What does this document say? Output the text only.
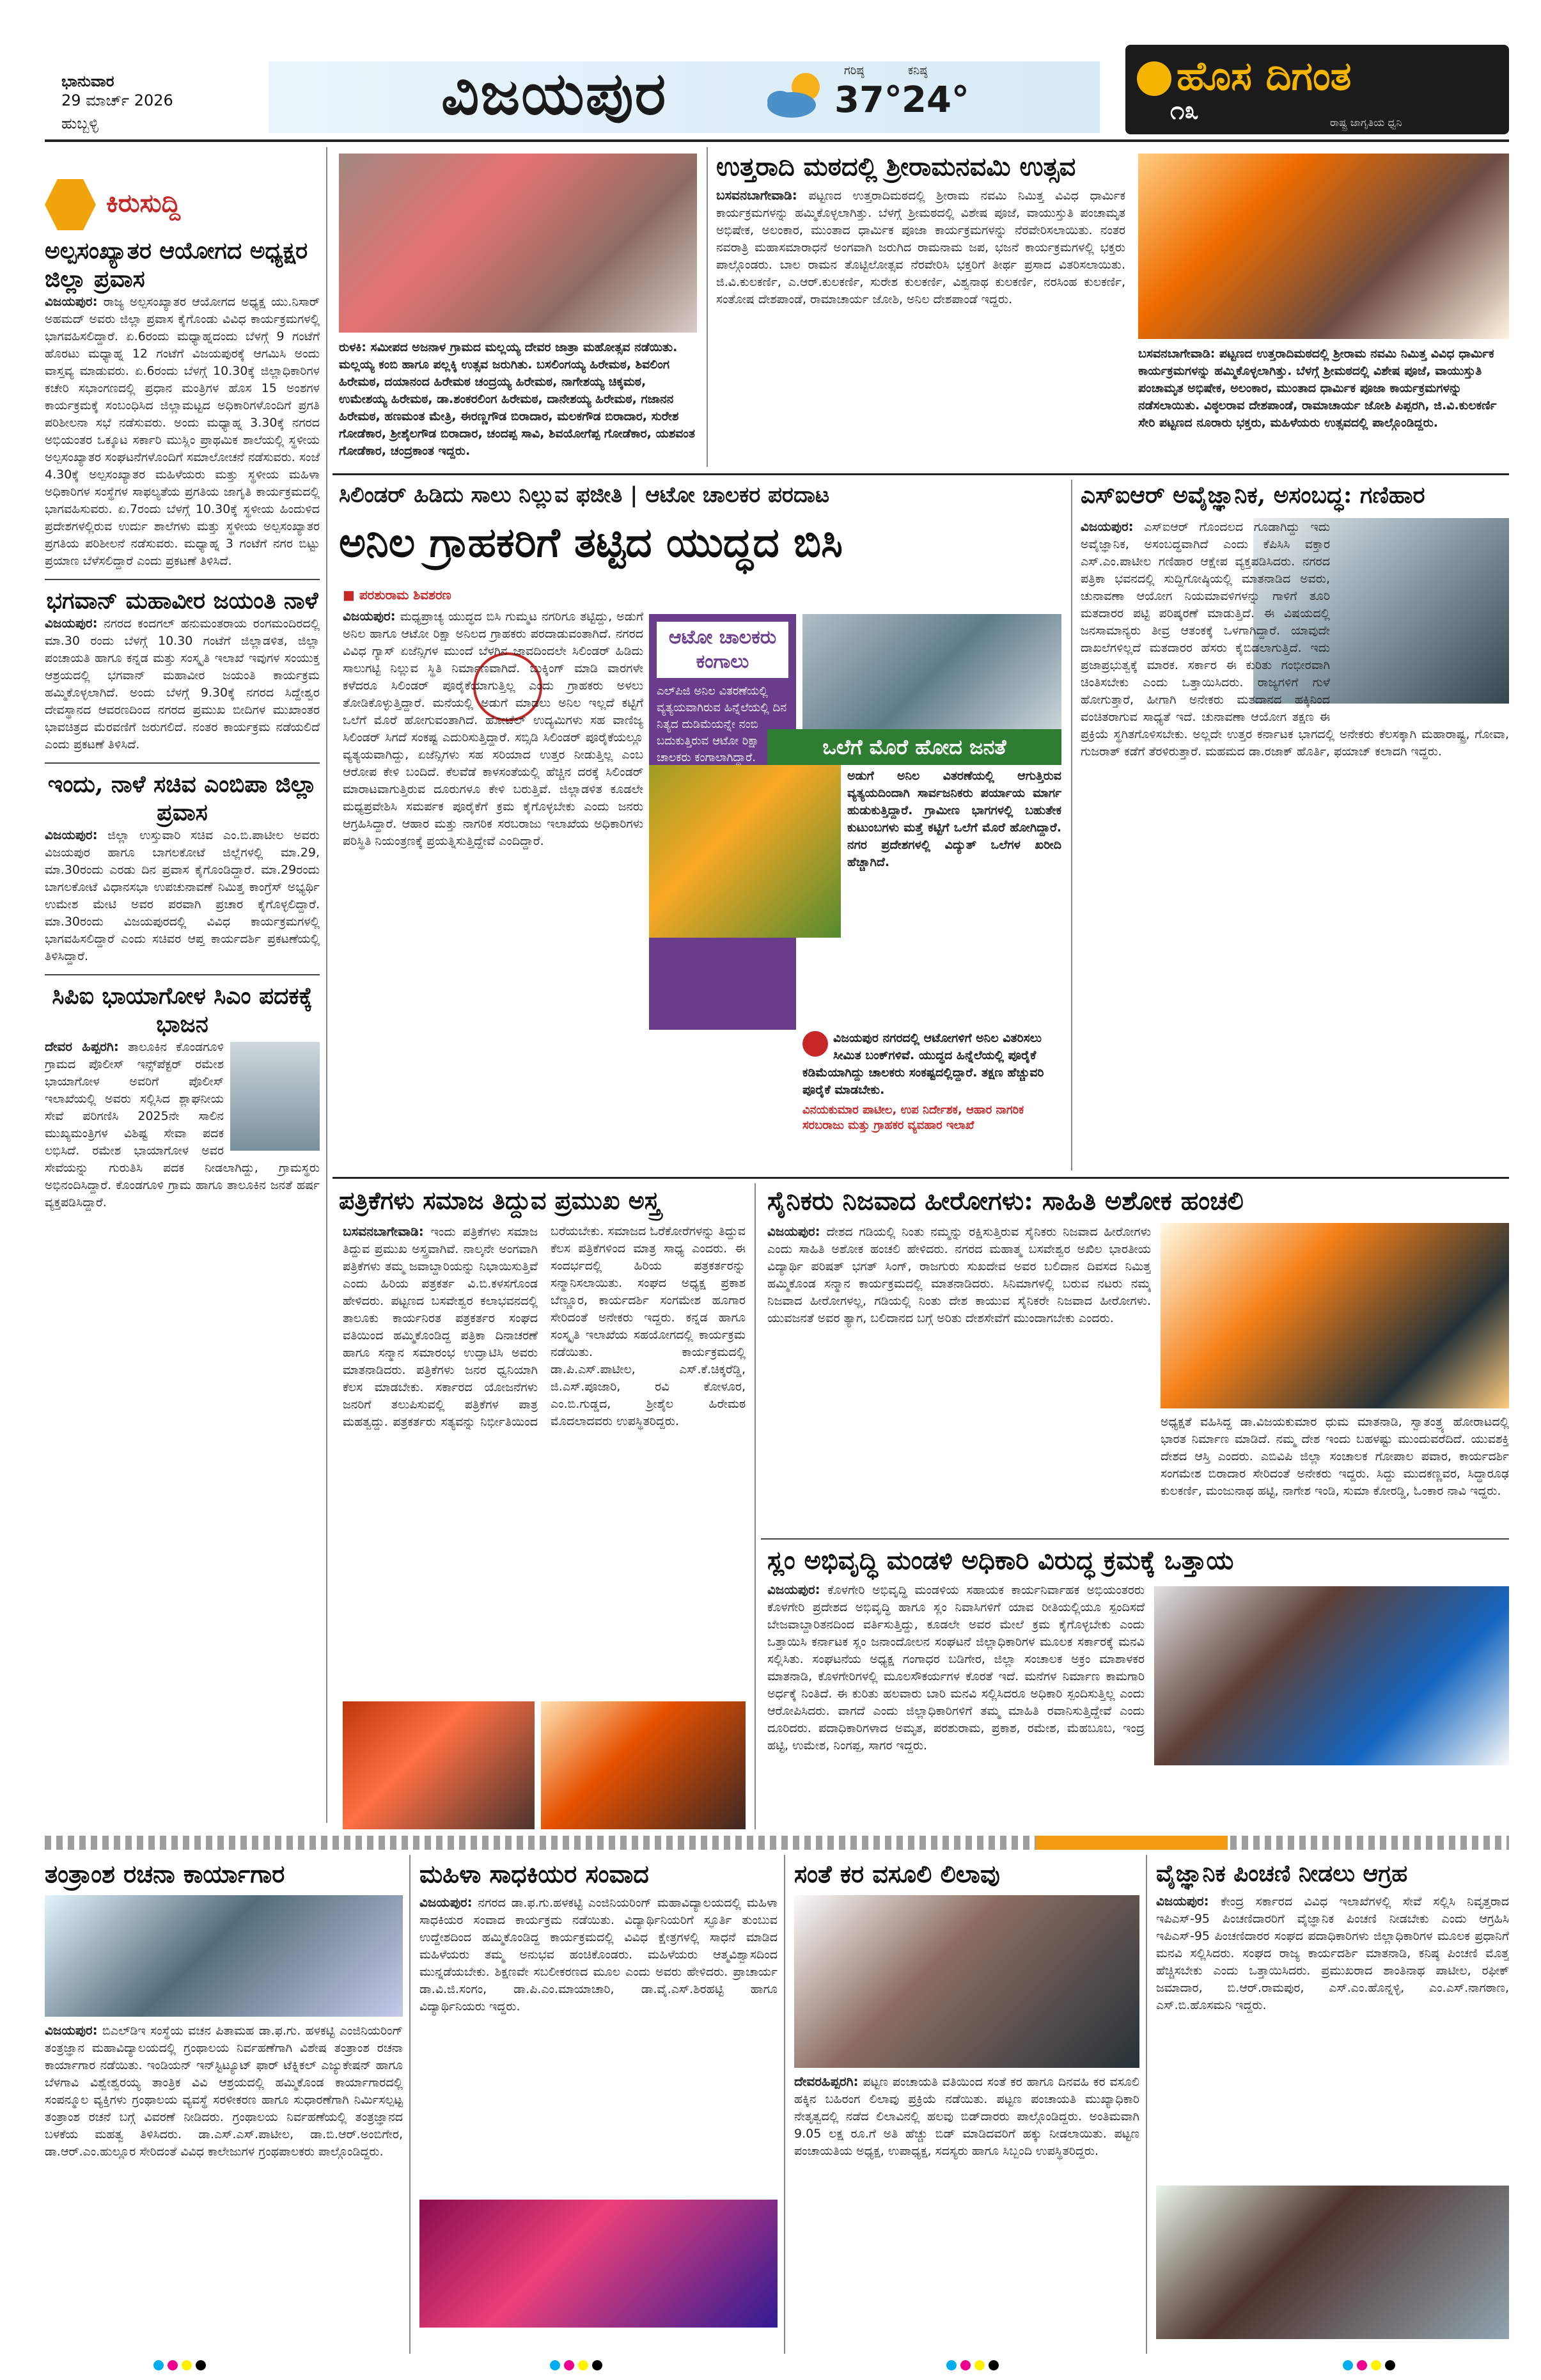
ಭಾನುವಾರ
29 ಮಾರ್ಚ್ 2026
ಹುಬ್ಬಳ್ಳಿ	ವಿಜಯಪುರ	ಗರಿಷ್ಠ
37°
ಕನಿಷ್ಠ
24°
ಹೊಸ ದಿಗಂತ
೧೩	ರಾಷ್ಟ್ರ ಜಾಗೃತಿಯ ಧ್ವನಿ
ಕಿರುಸುದ್ದಿ
ಅಲ್ಪಸಂಖ್ಯಾತರ ಆಯೋಗದ ಅಧ್ಯಕ್ಷರ ಜಿಲ್ಲಾ ಪ್ರವಾಸ
ವಿಜಯಪುರ: ರಾಜ್ಯ ಅಲ್ಪಸಂಖ್ಯಾತರ ಆಯೋಗದ ಅಧ್ಯಕ್ಷ ಯು.ನಿಸಾರ್ ಅಹಮದ್ ಅವರು ಜಿಲ್ಲಾ ಪ್ರವಾಸ ಕೈಗೊಂಡು ವಿವಿಧ ಕಾರ್ಯಕ್ರಮಗಳಲ್ಲಿ ಭಾಗವಹಿಸಲಿದ್ದಾರೆ. ಏ.6ರಂದು ಮಧ್ಯಾಹ್ನದಂದು ಬೆಳಗ್ಗೆ 9 ಗಂಟೆಗೆ ಹೊರಟು ಮಧ್ಯಾಹ್ನ 12 ಗಂಟೆಗೆ ವಿಜಯಪುರಕ್ಕೆ ಆಗಮಿಸಿ ಅಂದು ವಾಸ್ತವ್ಯ ಮಾಡುವರು. ಏ.6ರಂದು ಬೆಳಗ್ಗೆ 10.30ಕ್ಕೆ ಜಿಲ್ಲಾಧಿಕಾರಿಗಳ ಕಚೇರಿ ಸಭಾಂಗಣದಲ್ಲಿ ಪ್ರಧಾನ ಮಂತ್ರಿಗಳ ಹೊಸ 15 ಅಂಶಗಳ ಕಾರ್ಯಕ್ರಮಕ್ಕೆ ಸಂಬಂಧಿಸಿದ ಜಿಲ್ಲಾಮಟ್ಟದ ಅಧಿಕಾರಿಗಳೊಂದಿಗೆ ಪ್ರಗತಿ ಪರಿಶೀಲನಾ ಸಭೆ ನಡೆಸುವರು. ಅಂದು ಮಧ್ಯಾಹ್ನ 3.30ಕ್ಕೆ ನಗರದ ಅಭಿಯಂತರ ಒಕ್ಕೂಟ ಸರ್ಕಾರಿ ಮುಸ್ಲಿಂ ಪ್ರಾಥಮಿಕ ಶಾಲೆಯಲ್ಲಿ ಸ್ಥಳೀಯ ಅಲ್ಪಸಂಖ್ಯಾತರ ಸಂಘಟನೆಗಳೊಂದಿಗೆ ಸಮಾಲೋಚನೆ ನಡೆಸುವರು. ಸಂಜೆ 4.30ಕ್ಕೆ ಅಲ್ಪಸಂಖ್ಯಾತರ ಮಹಿಳೆಯರು ಮತ್ತು ಸ್ಥಳೀಯ ಮಹಿಳಾ ಅಧಿಕಾರಿಗಳ ಸಂಸ್ಥೆಗಳ ಸಾಫಲ್ಯತೆಯ ಪ್ರಗತಿಯ ಜಾಗೃತಿ ಕಾರ್ಯಕ್ರಮದಲ್ಲಿ ಭಾಗವಹಿಸುವರು. ಏ.7ರಂದು ಬೆಳಗ್ಗೆ 10.30ಕ್ಕೆ ಸ್ಥಳೀಯ ಹಿಂದುಳಿದ ಪ್ರದೇಶಗಳಲ್ಲಿರುವ ಉರ್ದು ಶಾಲೆಗಳು ಮತ್ತು ಸ್ಥಳೀಯ ಅಲ್ಪಸಂಖ್ಯಾತರ ಪ್ರಗತಿಯ ಪರಿಶೀಲನೆ ನಡೆಸುವರು. ಮಧ್ಯಾಹ್ನ 3 ಗಂಟೆಗೆ ನಗರ ಬಿಟ್ಟು ಪ್ರಯಾಣ ಬೆಳೆಸಲಿದ್ದಾರೆ ಎಂದು ಪ್ರಕಟಣೆ ತಿಳಿಸಿದೆ.
ಭಗವಾನ್ ಮಹಾವೀರ ಜಯಂತಿ ನಾಳೆ
ವಿಜಯಪುರ: ನಗರದ ಕಂದಗಲ್ ಹನುಮಂತರಾಯ ರಂಗಮಂದಿರದಲ್ಲಿ ಮಾ.30 ರಂದು ಬೆಳಗ್ಗೆ 10.30 ಗಂಟೆಗೆ ಜಿಲ್ಲಾಡಳಿತ, ಜಿಲ್ಲಾ ಪಂಚಾಯತಿ ಹಾಗೂ ಕನ್ನಡ ಮತ್ತು ಸಂಸ್ಕೃತಿ ಇಲಾಖೆ ಇವುಗಳ ಸಂಯುಕ್ತ ಆಶ್ರಯದಲ್ಲಿ ಭಗವಾನ್ ಮಹಾವೀರ ಜಯಂತಿ ಕಾರ್ಯಕ್ರಮ ಹಮ್ಮಿಕೊಳ್ಳಲಾಗಿದೆ. ಅಂದು ಬೆಳಗ್ಗೆ 9.30ಕ್ಕೆ ನಗರದ ಸಿದ್ದೇಶ್ವರ ದೇವಸ್ಥಾನದ ಆವರಣದಿಂದ ನಗರದ ಪ್ರಮುಖ ಬೀದಿಗಳ ಮುಖಾಂತರ ಭಾವಚಿತ್ರದ ಮೆರವಣಿಗೆ ಜರುಗಲಿದೆ. ನಂತರ ಕಾರ್ಯಕ್ರಮ ನಡೆಯಲಿದೆ ಎಂದು ಪ್ರಕಟಣೆ ತಿಳಿಸಿದೆ.
ಇಂದು, ನಾಳೆ ಸಚಿವ ಎಂಬಿಪಾ ಜಿಲ್ಲಾ ಪ್ರವಾಸ
ವಿಜಯಪುರ: ಜಿಲ್ಲಾ ಉಸ್ತುವಾರಿ ಸಚಿವ ಎಂ.ಬಿ.ಪಾಟೀಲ ಅವರು ವಿಜಯಪುರ ಹಾಗೂ ಬಾಗಲಕೋಟೆ ಜಿಲ್ಲೆಗಳಲ್ಲಿ ಮಾ.29, ಮಾ.30ರಂದು ಎರಡು ದಿನ ಪ್ರವಾಸ ಕೈಗೊಂಡಿದ್ದಾರೆ. ಮಾ.29ರಂದು ಬಾಗಲಕೋಟೆ ವಿಧಾನಸಭಾ ಉಪಚುನಾವಣೆ ನಿಮಿತ್ತ ಕಾಂಗ್ರೆಸ್ ಅಭ್ಯರ್ಥಿ ಉಮೇಶ ಮೇಟಿ ಅವರ ಪರವಾಗಿ ಪ್ರಚಾರ ಕೈಗೊಳ್ಳಲಿದ್ದಾರೆ. ಮಾ.30ರಂದು ವಿಜಯಪುರದಲ್ಲಿ ವಿವಿಧ ಕಾರ್ಯಕ್ರಮಗಳಲ್ಲಿ ಭಾಗವಹಿಸಲಿದ್ದಾರೆ ಎಂದು ಸಚಿವರ ಆಪ್ತ ಕಾರ್ಯದರ್ಶಿ ಪ್ರಕಟಣೆಯಲ್ಲಿ ತಿಳಿಸಿದ್ದಾರೆ.
ಸಿಪಿಐ ಭಾಯಾಗೋಳ ಸಿಎಂ ಪದಕಕ್ಕೆ ಭಾಜನ
ದೇವರ ಹಿಪ್ಪರಗಿ: ತಾಲೂಕಿನ ಕೊಂಡಗೂಳಿ ಗ್ರಾಮದ ಪೊಲೀಸ್ ಇನ್ಸ್‌ಪೆಕ್ಟರ್ ರಮೇಶ ಭಾಯಾಗೋಳ ಅವರಿಗೆ ಪೊಲೀಸ್ ಇಲಾಖೆಯಲ್ಲಿ ಅವರು ಸಲ್ಲಿಸಿದ ಶ್ಲಾಘನೀಯ ಸೇವೆ ಪರಿಗಣಿಸಿ 2025ನೇ ಸಾಲಿನ ಮುಖ್ಯಮಂತ್ರಿಗಳ ವಿಶಿಷ್ಟ ಸೇವಾ ಪದಕ ಲಭಿಸಿದೆ. ರಮೇಶ ಭಾಯಾಗೋಳ ಅವರ ಸೇವೆಯನ್ನು ಗುರುತಿಸಿ ಪದಕ ನೀಡಲಾಗಿದ್ದು, ಗ್ರಾಮಸ್ಥರು ಅಭಿನಂದಿಸಿದ್ದಾರೆ. ಕೊಂಡಗೂಳಿ ಗ್ರಾಮ ಹಾಗೂ ತಾಲೂಕಿನ ಜನತೆ ಹರ್ಷ ವ್ಯಕ್ತಪಡಿಸಿದ್ದಾರೆ.
ರುಳಕಿ: ಸಮೀಪದ ಅಜನಾಳ ಗ್ರಾಮದ ಮಲ್ಲಯ್ಯ ದೇವರ ಜಾತ್ರಾ ಮಹೋತ್ಸವ ನಡೆಯಿತು. ಮಲ್ಲಯ್ಯ ಕಂಬಿ ಹಾಗೂ ಪಲ್ಲಕ್ಕಿ ಉತ್ಸವ ಜರುಗಿತು. ಬಸಲಿಂಗಯ್ಯ ಹಿರೇಮಠ, ಶಿವಲಿಂಗ ಹಿರೇಮಠ, ದಯಾನಂದ ಹಿರೇಮಠ ಚಂದ್ರಯ್ಯ ಹಿರೇಮಠ, ನಾಗೇಶಯ್ಯ ಚಿಕ್ಕಮಠ, ಉಮೇಶಯ್ಯ ಹಿರೇಮಠ, ಡಾ.ಶಂಕರಲಿಂಗ ಹಿರೇಮಠ, ದಾನೇಶಯ್ಯ ಹಿರೇಮಠ, ಗಜಾನನ ಹಿರೇಮಠ, ಹಣಮಂತ ಮೇತ್ರಿ, ಈರಣ್ಣಗೌಡ ಬಿರಾದಾರ, ಮಲಕಗೌಡ ಬಿರಾದಾರ, ಸುರೇಶ ಗೋಡೆಕಾರ, ಶ್ರೀಶೈಲಗೌಡ ಬಿರಾದಾರ, ಚಂದಪ್ಪ ಸಾವಿ, ಶಿವಯೋಗೆಪ್ಪ ಗೋಡೆಕಾರ, ಯಶವಂತ ಗೋಡೆಕಾರ, ಚಂದ್ರಕಾಂತ ಇದ್ದರು.
ಉತ್ತರಾದಿ ಮಠದಲ್ಲಿ ಶ್ರೀರಾಮನವಮಿ ಉತ್ಸವ
ಬಸವನಬಾಗೇವಾಡಿ: ಪಟ್ಟಣದ ಉತ್ತರಾದಿಮಠದಲ್ಲಿ ಶ್ರೀರಾಮ ನವಮಿ ನಿಮಿತ್ತ ವಿವಿಧ ಧಾರ್ಮಿಕ ಕಾರ್ಯಕ್ರಮಗಳನ್ನು ಹಮ್ಮಿಕೊಳ್ಳಲಾಗಿತ್ತು. ಬೆಳಗ್ಗೆ ಶ್ರೀಮಠದಲ್ಲಿ ವಿಶೇಷ ಪೂಜೆ, ವಾಯುಸ್ತುತಿ ಪಂಚಾಮೃತ ಅಭಿಷೇಕ, ಅಲಂಕಾರ, ಮುಂತಾದ ಧಾರ್ಮಿಕ ಪೂಜಾ ಕಾರ್ಯಕ್ರಮಗಳನ್ನು ನೆರವೇರಿಸಲಾಯಿತು. ನಂತರ ನವರಾತ್ರಿ ಮಹಾಸಮಾರಾಧನೆ ಅಂಗವಾಗಿ ಜರುಗಿದ ರಾಮನಾಮ ಜಪ, ಭಜನೆ ಕಾರ್ಯಕ್ರಮಗಳಲ್ಲಿ ಭಕ್ತರು ಪಾಲ್ಗೊಂಡರು. ಬಾಲ ರಾಮನ ತೊಟ್ಟಿಲೋತ್ಸವ ನೆರವೇರಿಸಿ ಭಕ್ತರಿಗೆ ತೀರ್ಥ ಪ್ರಸಾದ ವಿತರಿಸಲಾಯಿತು. ಜಿ.ವಿ.ಕುಲಕರ್ಣಿ, ಎ.ಆರ್.ಕುಲಕರ್ಣಿ, ಸುರೇಶ ಕುಲಕರ್ಣಿ, ವಿಶ್ವನಾಥ ಕುಲಕರ್ಣಿ, ನರಸಿಂಹ ಕುಲಕರ್ಣಿ, ಸಂತೋಷ ದೇಶಪಾಂಡೆ, ರಾಮಾಚಾರ್ಯ ಜೋಶಿ, ಅನಿಲ ದೇಶಪಾಂಡೆ ಇದ್ದರು.
ಬಸವನಬಾಗೇವಾಡಿ: ಪಟ್ಟಣದ ಉತ್ತರಾದಿಮಠದಲ್ಲಿ ಶ್ರೀರಾಮ ನವಮಿ ನಿಮಿತ್ತ ವಿವಿಧ ಧಾರ್ಮಿಕ ಕಾರ್ಯಕ್ರಮಗಳನ್ನು ಹಮ್ಮಿಕೊಳ್ಳಲಾಗಿತ್ತು. ಬೆಳಗ್ಗೆ ಶ್ರೀಮಠದಲ್ಲಿ ವಿಶೇಷ ಪೂಜೆ, ವಾಯುಸ್ತುತಿ ಪಂಚಾಮೃತ ಅಭಿಷೇಕ, ಅಲಂಕಾರ, ಮುಂತಾದ ಧಾರ್ಮಿಕ ಪೂಜಾ ಕಾರ್ಯಕ್ರಮಗಳನ್ನು ನಡೆಸಲಾಯಿತು. ವಿಠ್ಠಲರಾವ ದೇಶಪಾಂಡೆ, ರಾಮಾಚಾರ್ಯ ಜೋಶಿ ಪಿಪ್ಪರಗಿ, ಜಿ.ವಿ.ಕುಲಕರ್ಣಿ ಸೇರಿ ಪಟ್ಟಣದ ನೂರಾರು ಭಕ್ತರು, ಮಹಿಳೆಯರು ಉತ್ಸವದಲ್ಲಿ ಪಾಲ್ಗೊಂಡಿದ್ದರು.
ಸಿಲಿಂಡರ್ ಹಿಡಿದು ಸಾಲು ನಿಲ್ಲುವ ಫಜೀತಿ | ಆಟೋ ಚಾಲಕರ ಪರದಾಟ
ಅನಿಲ ಗ್ರಾಹಕರಿಗೆ ತಟ್ಟಿದ ಯುದ್ಧದ ಬಿಸಿ
■ ಪರಶುರಾಮ ಶಿವಶರಣ
ವಿಜಯಪುರ: ಮಧ್ಯಪ್ರಾಚ್ಯ ಯುದ್ಧದ ಬಿಸಿ ಗುಮ್ಮಟ ನಗರಿಗೂ ತಟ್ಟಿದ್ದು, ಅಡುಗೆ ಅನಿಲ ಹಾಗೂ ಆಟೋ ರಿಕ್ಷಾ ಅನಿಲದ ಗ್ರಾಹಕರು ಪರದಾಡುವಂತಾಗಿದೆ. ನಗರದ ವಿವಿಧ ಗ್ಯಾಸ್ ಏಜೆನ್ಸಿಗಳ ಮುಂದೆ ಬೆಳಗಿನ ಜಾವದಿಂದಲೇ ಸಿಲಿಂಡರ್ ಹಿಡಿದು ಸಾಲುಗಟ್ಟಿ ನಿಲ್ಲುವ ಸ್ಥಿತಿ ನಿರ್ಮಾಣವಾಗಿದೆ. ಬುಕ್ಕಿಂಗ್ ಮಾಡಿ ವಾರಗಳೇ ಕಳೆದರೂ ಸಿಲಿಂಡರ್ ಪೂರೈಕೆಯಾಗುತ್ತಿಲ್ಲ ಎಂದು ಗ್ರಾಹಕರು ಅಳಲು ತೋಡಿಕೊಳ್ಳುತ್ತಿದ್ದಾರೆ. ಮನೆಯಲ್ಲಿ ಅಡುಗೆ ಮಾಡಲು ಅನಿಲ ಇಲ್ಲದೆ ಕಟ್ಟಿಗೆ ಒಲೆಗೆ ಮೊರೆ ಹೋಗುವಂತಾಗಿದೆ. ಹೋಟೆಲ್ ಉದ್ಯಮಿಗಳು ಸಹ ವಾಣಿಜ್ಯ ಸಿಲಿಂಡರ್ ಸಿಗದೆ ಸಂಕಷ್ಟ ಎದುರಿಸುತ್ತಿದ್ದಾರೆ. ಸಬ್ಸಿಡಿ ಸಿಲಿಂಡರ್ ಪೂರೈಕೆಯಲ್ಲೂ ವ್ಯತ್ಯಯವಾಗಿದ್ದು, ಏಜೆನ್ಸಿಗಳು ಸಹ ಸರಿಯಾದ ಉತ್ತರ ನೀಡುತ್ತಿಲ್ಲ ಎಂಬ ಆರೋಪ ಕೇಳಿ ಬಂದಿದೆ. ಕೆಲವೆಡೆ ಕಾಳಸಂತೆಯಲ್ಲಿ ಹೆಚ್ಚಿನ ದರಕ್ಕೆ ಸಿಲಿಂಡರ್ ಮಾರಾಟವಾಗುತ್ತಿರುವ ದೂರುಗಳೂ ಕೇಳಿ ಬರುತ್ತಿವೆ. ಜಿಲ್ಲಾಡಳಿತ ಕೂಡಲೇ ಮಧ್ಯಪ್ರವೇಶಿಸಿ ಸಮರ್ಪಕ ಪೂರೈಕೆಗೆ ಕ್ರಮ ಕೈಗೊಳ್ಳಬೇಕು ಎಂದು ಜನರು ಆಗ್ರಹಿಸಿದ್ದಾರೆ. ಆಹಾರ ಮತ್ತು ನಾಗರಿಕ ಸರಬರಾಜು ಇಲಾಖೆಯ ಅಧಿಕಾರಿಗಳು ಪರಿಸ್ಥಿತಿ ನಿಯಂತ್ರಣಕ್ಕೆ ಪ್ರಯತ್ನಿಸುತ್ತಿದ್ದೇವೆ ಎಂದಿದ್ದಾರೆ.
ಆಟೋ ಚಾಲಕರು ಕಂಗಾಲು
ಎಲ್‌ಪಿಜಿ ಅನಿಲ ವಿತರಣೆಯಲ್ಲಿ ವ್ಯತ್ಯಯವಾಗಿರುವ ಹಿನ್ನೆಲೆಯಲ್ಲಿ ದಿನ ನಿತ್ಯದ ದುಡಿಮೆಯನ್ನೇ ನಂಬಿ ಬದುಕುತ್ತಿರುವ ಆಟೋ ರಿಕ್ಷಾ ಚಾಲಕರು ಕಂಗಾಲಾಗಿದ್ದಾರೆ.	ಒಲೆಗೆ ಮೊರೆ ಹೋದ ಜನತೆ
ಅಡುಗೆ ಅನಿಲ ವಿತರಣೆಯಲ್ಲಿ ಆಗುತ್ತಿರುವ ವ್ಯತ್ಯಯದಿಂದಾಗಿ ಸಾರ್ವಜನಿಕರು ಪರ್ಯಾಯ ಮಾರ್ಗ ಹುಡುಕುತ್ತಿದ್ದಾರೆ. ಗ್ರಾಮೀಣ ಭಾಗಗಳಲ್ಲಿ ಬಹುತೇಕ ಕುಟುಂಬಗಳು ಮತ್ತೆ ಕಟ್ಟಿಗೆ ಒಲೆಗೆ ಮೊರೆ ಹೋಗಿದ್ದಾರೆ. ನಗರ ಪ್ರದೇಶಗಳಲ್ಲಿ ವಿದ್ಯುತ್ ಒಲೆಗಳ ಖರೀದಿ ಹೆಚ್ಚಾಗಿದೆ.
ವಿಜಯಪುರ ನಗರದಲ್ಲಿ ಆಟೋಗಳಿಗೆ ಅನಿಲ ವಿತರಿಸಲು ಸೀಮಿತ ಬಂಕ್‌ಗಳಿವೆ. ಯುದ್ಧದ ಹಿನ್ನೆಲೆಯಲ್ಲಿ ಪೂರೈಕೆ ಕಡಿಮೆಯಾಗಿದ್ದು ಚಾಲಕರು ಸಂಕಷ್ಟದಲ್ಲಿದ್ದಾರೆ. ತಕ್ಷಣ ಹೆಚ್ಚುವರಿ ಪೂರೈಕೆ ಮಾಡಬೇಕು.
ವಿನಯಕುಮಾರ ಪಾಟೀಲ, ಉಪ ನಿರ್ದೇಶಕ, ಆಹಾರ ನಾಗರಿಕ ಸರಬರಾಜು ಮತ್ತು ಗ್ರಾಹಕರ ವ್ಯವಹಾರ ಇಲಾಖೆ
ಎಸ್‌ಐಆರ್ ಅವೈಜ್ಞಾನಿಕ, ಅಸಂಬದ್ಧ: ಗಣಿಹಾರ
ವಿಜಯಪುರ: ಎಸ್‌ಐಆರ್ ಗೊಂದಲದ ಗೂಡಾಗಿದ್ದು ಇದು ಅವೈಜ್ಞಾನಿಕ, ಅಸಂಬದ್ಧವಾಗಿದೆ ಎಂದು ಕೆಪಿಸಿಸಿ ವಕ್ತಾರ ಎಸ್.ಎಂ.ಪಾಟೀಲ ಗಣಿಹಾರ ಆಕ್ಷೇಪ ವ್ಯಕ್ತಪಡಿಸಿದರು. ನಗರದ ಪತ್ರಿಕಾ ಭವನದಲ್ಲಿ ಸುದ್ದಿಗೋಷ್ಠಿಯಲ್ಲಿ ಮಾತನಾಡಿದ ಅವರು, ಚುನಾವಣಾ ಆಯೋಗ ನಿಯಮಾವಳಿಗಳನ್ನು ಗಾಳಿಗೆ ತೂರಿ ಮತದಾರರ ಪಟ್ಟಿ ಪರಿಷ್ಕರಣೆ ಮಾಡುತ್ತಿದೆ. ಈ ವಿಷಯದಲ್ಲಿ ಜನಸಾಮಾನ್ಯರು ತೀವ್ರ ಆತಂಕಕ್ಕೆ ಒಳಗಾಗಿದ್ದಾರೆ. ಯಾವುದೇ ದಾಖಲೆಗಳಿಲ್ಲದೆ ಮತದಾರರ ಹೆಸರು ಕೈಬಿಡಲಾಗುತ್ತಿದೆ. ಇದು ಪ್ರಜಾಪ್ರಭುತ್ವಕ್ಕೆ ಮಾರಕ. ಸರ್ಕಾರ ಈ ಕುರಿತು ಗಂಭೀರವಾಗಿ ಚಿಂತಿಸಬೇಕು ಎಂದು ಒತ್ತಾಯಿಸಿದರು. ರಾಜ್ಯಗಳಿಗೆ ಗುಳೆ ಹೋಗುತ್ತಾರೆ, ಹೀಗಾಗಿ ಅನೇಕರು ಮತದಾನದ ಹಕ್ಕಿನಿಂದ ವಂಚಿತರಾಗುವ ಸಾಧ್ಯತೆ ಇದೆ. ಚುನಾವಣಾ ಆಯೋಗ ತಕ್ಷಣ ಈ ಪ್ರಕ್ರಿಯೆ ಸ್ಥಗಿತಗೊಳಿಸಬೇಕು. ಅಲ್ಲದೇ ಉತ್ತರ ಕರ್ನಾಟಕ ಭಾಗದಲ್ಲಿ ಅನೇಕರು ಕೆಲಸಕ್ಕಾಗಿ ಮಹಾರಾಷ್ಟ್ರ, ಗೋವಾ, ಗುಜರಾತ್ ಕಡೆಗೆ ತೆರಳಿರುತ್ತಾರೆ. ಮಹಮದ ಡಾ.ರಜಾಕ್ ಹೊರ್ತಿ, ಫಯಾಜ್ ಕಲಾದಗಿ ಇದ್ದರು.
ಪತ್ರಿಕೆಗಳು ಸಮಾಜ ತಿದ್ದುವ ಪ್ರಮುಖ ಅಸ್ತ್ರ
ಬಸವನಬಾಗೇವಾಡಿ: ಇಂದು ಪತ್ರಿಕೆಗಳು ಸಮಾಜ ತಿದ್ದುವ ಪ್ರಮುಖ ಅಸ್ತ್ರವಾಗಿವೆ. ನಾಲ್ಕನೇ ಅಂಗವಾಗಿ ಪತ್ರಿಕೆಗಳು ತಮ್ಮ ಜವಾಬ್ದಾರಿಯನ್ನು ನಿಭಾಯಿಸುತ್ತಿವೆ ಎಂದು ಹಿರಿಯ ಪತ್ರಕರ್ತ ವಿ.ಬಿ.ಕಳಸಗೊಂಡ ಹೇಳಿದರು. ಪಟ್ಟಣದ ಬಸವೇಶ್ವರ ಕಲಾಭವನದಲ್ಲಿ ತಾಲೂಕು ಕಾರ್ಯನಿರತ ಪತ್ರಕರ್ತರ ಸಂಘದ ವತಿಯಿಂದ ಹಮ್ಮಿಕೊಂಡಿದ್ದ ಪತ್ರಿಕಾ ದಿನಾಚರಣೆ ಹಾಗೂ ಸನ್ಮಾನ ಸಮಾರಂಭ ಉದ್ಘಾಟಿಸಿ ಅವರು ಮಾತನಾಡಿದರು. ಪತ್ರಿಕೆಗಳು ಜನರ ಧ್ವನಿಯಾಗಿ ಕೆಲಸ ಮಾಡಬೇಕು. ಸರ್ಕಾರದ ಯೋಜನೆಗಳು ಜನರಿಗೆ ತಲುಪಿಸುವಲ್ಲಿ ಪತ್ರಿಕೆಗಳ ಪಾತ್ರ ಮಹತ್ವದ್ದು. ಪತ್ರಕರ್ತರು ಸತ್ಯವನ್ನು ನಿರ್ಭೀತಿಯಿಂದ ಬರೆಯಬೇಕು. ಸಮಾಜದ ಓರೆಕೋರೆಗಳನ್ನು ತಿದ್ದುವ ಕೆಲಸ ಪತ್ರಿಕೆಗಳಿಂದ ಮಾತ್ರ ಸಾಧ್ಯ ಎಂದರು. ಈ ಸಂದರ್ಭದಲ್ಲಿ ಹಿರಿಯ ಪತ್ರಕರ್ತರನ್ನು ಸನ್ಮಾನಿಸಲಾಯಿತು. ಸಂಘದ ಅಧ್ಯಕ್ಷ ಪ್ರಕಾಶ ಬೆಣ್ಣೂರ, ಕಾರ್ಯದರ್ಶಿ ಸಂಗಮೇಶ ಹೂಗಾರ ಸೇರಿದಂತೆ ಅನೇಕರು ಇದ್ದರು. ಕನ್ನಡ ಹಾಗೂ ಸಂಸ್ಕೃತಿ ಇಲಾಖೆಯ ಸಹಯೋಗದಲ್ಲಿ ಕಾರ್ಯಕ್ರಮ ನಡೆಯಿತು. ಕಾರ್ಯಕ್ರಮದಲ್ಲಿ ಡಾ.ಪಿ.ಎಸ್.ಪಾಟೀಲ, ಎಸ್.ಕೆ.ಚಿಕ್ಕರೆಡ್ಡಿ, ಜಿ.ಎಸ್.ಪೂಜಾರಿ, ರವಿ ಕೋಳೂರ, ಎಂ.ಬಿ.ಗುಡ್ಡದ, ಶ್ರೀಶೈಲ ಹಿರೇಮಠ ಮೊದಲಾದವರು ಉಪಸ್ಥಿತರಿದ್ದರು.
ಸೈನಿಕರು ನಿಜವಾದ ಹೀರೋಗಳು: ಸಾಹಿತಿ ಅಶೋಕ ಹಂಚಲಿ
ವಿಜಯಪುರ: ದೇಶದ ಗಡಿಯಲ್ಲಿ ನಿಂತು ನಮ್ಮನ್ನು ರಕ್ಷಿಸುತ್ತಿರುವ ಸೈನಿಕರು ನಿಜವಾದ ಹೀರೋಗಳು ಎಂದು ಸಾಹಿತಿ ಅಶೋಕ ಹಂಚಲಿ ಹೇಳಿದರು. ನಗರದ ಮಹಾತ್ಮ ಬಸವೇಶ್ವರ ಅಖಿಲ ಭಾರತೀಯ ವಿದ್ಯಾರ್ಥಿ ಪರಿಷತ್ ಭಗತ್ ಸಿಂಗ್, ರಾಜಗುರು ಸುಖದೇವ ಅವರ ಬಲಿದಾನ ದಿವಸದ ನಿಮಿತ್ತ ಹಮ್ಮಿಕೊಂಡ ಸನ್ಮಾನ ಕಾರ್ಯಕ್ರಮದಲ್ಲಿ ಮಾತನಾಡಿದರು. ಸಿನಿಮಾಗಳಲ್ಲಿ ಬರುವ ನಟರು ನಮ್ಮ ನಿಜವಾದ ಹೀರೋಗಳಲ್ಲ, ಗಡಿಯಲ್ಲಿ ನಿಂತು ದೇಶ ಕಾಯುವ ಸೈನಿಕರೇ ನಿಜವಾದ ಹೀರೋಗಳು. ಯುವಜನತೆ ಅವರ ತ್ಯಾಗ, ಬಲಿದಾನದ ಬಗ್ಗೆ ಅರಿತು ದೇಶಸೇವೆಗೆ ಮುಂದಾಗಬೇಕು ಎಂದರು.
ಅಧ್ಯಕ್ಷತೆ ವಹಿಸಿದ್ದ ಡಾ.ವಿಜಯಕುಮಾರ ಧುಮ ಮಾತನಾಡಿ, ಸ್ವಾತಂತ್ರ್ಯ ಹೋರಾಟದಲ್ಲಿ ಭಾರತ ನಿರ್ಮಾಣ ಮಾಡಿದೆ. ನಮ್ಮ ದೇಶ ಇಂದು ಬಹಳಷ್ಟು ಮುಂದುವರೆದಿದೆ. ಯುವಶಕ್ತಿ ದೇಶದ ಆಸ್ತಿ ಎಂದರು. ಎಬಿವಿಪಿ ಜಿಲ್ಲಾ ಸಂಚಾಲಕ ಗೋಪಾಲ ಪವಾರ, ಕಾರ್ಯದರ್ಶಿ ಸಂಗಮೇಶ ಬಿರಾದಾರ ಸೇರಿದಂತೆ ಅನೇಕರು ಇದ್ದರು. ಸಿದ್ದು ಮುದಕಣ್ಣವರ, ಸಿದ್ಧಾರೂಢ ಕುಲಕರ್ಣಿ, ಮಂಜುನಾಥ ಹಟ್ಟಿ, ನಾಗೇಶ ಇಂಡಿ, ಸುಮಾ ಕೋರಡ್ಡಿ, ಓಂಕಾರ ನಾವಿ ಇದ್ದರು.
ಸ್ಲಂ ಅಭಿವೃದ್ಧಿ ಮಂಡಳಿ ಅಧಿಕಾರಿ ವಿರುದ್ಧ ಕ್ರಮಕ್ಕೆ ಒತ್ತಾಯ
ವಿಜಯಪುರ: ಕೊಳಗೇರಿ ಅಭಿವೃದ್ಧಿ ಮಂಡಳಿಯ ಸಹಾಯಕ ಕಾರ್ಯನಿರ್ವಾಹಕ ಅಭಿಯಂತರರು ಕೊಳಗೇರಿ ಪ್ರದೇಶದ ಅಭಿವೃದ್ಧಿ ಹಾಗೂ ಸ್ಲಂ ನಿವಾಸಿಗಳಿಗೆ ಯಾವ ರೀತಿಯಲ್ಲಿಯೂ ಸ್ಪಂದಿಸದೆ ಬೇಜವಾಬ್ದಾರಿತನದಿಂದ ವರ್ತಿಸುತ್ತಿದ್ದು, ಕೂಡಲೇ ಅವರ ಮೇಲೆ ಕ್ರಮ ಕೈಗೊಳ್ಳಬೇಕು ಎಂದು ಒತ್ತಾಯಿಸಿ ಕರ್ನಾಟಕ ಸ್ಲಂ ಜನಾಂದೋಲನ ಸಂಘಟನೆ ಜಿಲ್ಲಾಧಿಕಾರಿಗಳ ಮೂಲಕ ಸರ್ಕಾರಕ್ಕೆ ಮನವಿ ಸಲ್ಲಿಸಿತು. ಸಂಘಟನೆಯ ಅಧ್ಯಕ್ಷ ಗಂಗಾಧರ ಬಡಿಗೇರ, ಜಿಲ್ಲಾ ಸಂಚಾಲಕ ಅಕ್ರಂ ಮಾಶಾಳಕರ ಮಾತನಾಡಿ, ಕೊಳಗೇರಿಗಳಲ್ಲಿ ಮೂಲಸೌಕರ್ಯಗಳ ಕೊರತೆ ಇದೆ. ಮನೆಗಳ ನಿರ್ಮಾಣ ಕಾಮಗಾರಿ ಅರ್ಧಕ್ಕೆ ನಿಂತಿದೆ. ಈ ಕುರಿತು ಹಲವಾರು ಬಾರಿ ಮನವಿ ಸಲ್ಲಿಸಿದರೂ ಅಧಿಕಾರಿ ಸ್ಪಂದಿಸುತ್ತಿಲ್ಲ ಎಂದು ಆರೋಪಿಸಿದರು. ವಾಗದೆ ಎಂದು ಜಿಲ್ಲಾಧಿಕಾರಿಗಳಿಗೆ ತಮ್ಮ ಮಾಹಿತಿ ರವಾನಿಸುತ್ತಿದ್ದೇವೆ ಎಂದು ದೂರಿದರು. ಪದಾಧಿಕಾರಿಗಳಾದ ಅಮೃತ, ಪರಶುರಾಮ, ಪ್ರಕಾಶ, ರಮೇಶ, ಮೆಹಬೂಬ, ಇಂದ್ರ ಹಟ್ಟಿ, ಉಮೇಶ, ನಿಂಗಪ್ಪ, ಸಾಗರ ಇದ್ದರು.
ತಂತ್ರಾಂಶ ರಚನಾ ಕಾರ್ಯಾಗಾರ
ವಿಜಯಪುರ: ಬಿಎಲ್‌ಡಿಇ ಸಂಸ್ಥೆಯ ವಚನ ಪಿತಾಮಹ ಡಾ.ಫ.ಗು. ಹಳಕಟ್ಟಿ ಎಂಜಿನಿಯರಿಂಗ್ ತಂತ್ರಜ್ಞಾನ ಮಹಾವಿದ್ಯಾಲಯದಲ್ಲಿ ಗ್ರಂಥಾಲಯ ನಿರ್ವಹಣೆಗಾಗಿ ವಿಶೇಷ ತಂತ್ರಾಂಶ ರಚನಾ ಕಾರ್ಯಾಗಾರ ನಡೆಯಿತು. ಇಂಡಿಯನ್ ಇನ್‌ಸ್ಟಿಟ್ಯೂಟ್ ಫಾರ್ ಟೆಕ್ನಿಕಲ್ ಎಜ್ಯುಕೇಷನ್ ಹಾಗೂ ಬೆಳಗಾವಿ ವಿಶ್ವೇಶ್ವರಯ್ಯ ತಾಂತ್ರಿಕ ವಿವಿ ಆಶ್ರಯದಲ್ಲಿ ಹಮ್ಮಿಕೊಂಡ ಕಾರ್ಯಾಗಾರದಲ್ಲಿ ಸಂಪನ್ಮೂಲ ವ್ಯಕ್ತಿಗಳು ಗ್ರಂಥಾಲಯ ವ್ಯವಸ್ಥೆ ಸರಳೀಕರಣ ಹಾಗೂ ಸುಧಾರಣೆಗಾಗಿ ನಿರ್ಮಿಸಲ್ಪಟ್ಟ ತಂತ್ರಾಂಶ ರಚನೆ ಬಗ್ಗೆ ವಿವರಣೆ ನೀಡಿದರು. ಗ್ರಂಥಾಲಯ ನಿರ್ವಹಣೆಯಲ್ಲಿ ತಂತ್ರಜ್ಞಾನದ ಬಳಕೆಯ ಮಹತ್ವ ತಿಳಿಸಿದರು. ಡಾ.ಎಸ್.ಎಸ್.ಪಾಟೀಲ, ಡಾ.ಬಿ.ಆರ್.ಅಂಬಿಗೇರ, ಡಾ.ಆರ್.ಎಂ.ಹುಲ್ಲೂರ ಸೇರಿದಂತೆ ವಿವಿಧ ಕಾಲೇಜುಗಳ ಗ್ರಂಥಪಾಲಕರು ಪಾಲ್ಗೊಂಡಿದ್ದರು.
ಮಹಿಳಾ ಸಾಧಕಿಯರ ಸಂವಾದ
ವಿಜಯಪುರ: ನಗರದ ಡಾ.ಫ.ಗು.ಹಳಕಟ್ಟಿ ಎಂಜಿನಿಯರಿಂಗ್ ಮಹಾವಿದ್ಯಾಲಯದಲ್ಲಿ ಮಹಿಳಾ ಸಾಧಕಿಯರ ಸಂವಾದ ಕಾರ್ಯಕ್ರಮ ನಡೆಯಿತು. ವಿದ್ಯಾರ್ಥಿನಿಯರಿಗೆ ಸ್ಫೂರ್ತಿ ತುಂಬುವ ಉದ್ದೇಶದಿಂದ ಹಮ್ಮಿಕೊಂಡಿದ್ದ ಕಾರ್ಯಕ್ರಮದಲ್ಲಿ ವಿವಿಧ ಕ್ಷೇತ್ರಗಳಲ್ಲಿ ಸಾಧನೆ ಮಾಡಿದ ಮಹಿಳೆಯರು ತಮ್ಮ ಅನುಭವ ಹಂಚಿಕೊಂಡರು. ಮಹಿಳೆಯರು ಆತ್ಮವಿಶ್ವಾಸದಿಂದ ಮುನ್ನಡೆಯಬೇಕು. ಶಿಕ್ಷಣವೇ ಸಬಲೀಕರಣದ ಮೂಲ ಎಂದು ಅವರು ಹೇಳಿದರು. ಪ್ರಾಚಾರ್ಯ ಡಾ.ವಿ.ಜಿ.ಸಂಗಂ, ಡಾ.ಪಿ.ಎಂ.ಮಾಯಾಚಾರಿ, ಡಾ.ವೈ.ಎಸ್.ಶಿರಹಟ್ಟಿ ಹಾಗೂ ವಿದ್ಯಾರ್ಥಿನಿಯರು ಇದ್ದರು.
ಸಂತೆ ಕರ ವಸೂಲಿ ಲಿಲಾವು
ದೇವರಹಿಪ್ಪರಗಿ: ಪಟ್ಟಣ ಪಂಚಾಯತಿ ವತಿಯಿಂದ ಸಂತೆ ಕರ ಹಾಗೂ ದಿನವಹಿ ಕರ ವಸೂಲಿ ಹಕ್ಕಿನ ಬಹಿರಂಗ ಲಿಲಾವು ಪ್ರಕ್ರಿಯೆ ನಡೆಯಿತು. ಪಟ್ಟಣ ಪಂಚಾಯತಿ ಮುಖ್ಯಾಧಿಕಾರಿ ನೇತೃತ್ವದಲ್ಲಿ ನಡೆದ ಲಿಲಾವಿನಲ್ಲಿ ಹಲವು ಬಿಡ್‌ದಾರರು ಪಾಲ್ಗೊಂಡಿದ್ದರು. ಅಂತಿಮವಾಗಿ 9.05 ಲಕ್ಷ ರೂ.ಗೆ ಅತಿ ಹೆಚ್ಚು ಬಿಡ್ ಮಾಡಿದವರಿಗೆ ಹಕ್ಕು ನೀಡಲಾಯಿತು. ಪಟ್ಟಣ ಪಂಚಾಯತಿಯ ಅಧ್ಯಕ್ಷ, ಉಪಾಧ್ಯಕ್ಷ, ಸದಸ್ಯರು ಹಾಗೂ ಸಿಬ್ಬಂದಿ ಉಪಸ್ಥಿತರಿದ್ದರು.
ವೈಜ್ಞಾನಿಕ ಪಿಂಚಣಿ ನೀಡಲು ಆಗ್ರಹ
ವಿಜಯಪುರ: ಕೇಂದ್ರ ಸರ್ಕಾರದ ವಿವಿಧ ಇಲಾಖೆಗಳಲ್ಲಿ ಸೇವೆ ಸಲ್ಲಿಸಿ ನಿವೃತ್ತರಾದ ಇಪಿಎಸ್-95 ಪಿಂಚಣಿದಾರರಿಗೆ ವೈಜ್ಞಾನಿಕ ಪಿಂಚಣಿ ನೀಡಬೇಕು ಎಂದು ಆಗ್ರಹಿಸಿ ಇಪಿಎಸ್-95 ಪಿಂಚಣಿದಾರರ ಸಂಘದ ಪದಾಧಿಕಾರಿಗಳು ಜಿಲ್ಲಾಧಿಕಾರಿಗಳ ಮೂಲಕ ಪ್ರಧಾನಿಗೆ ಮನವಿ ಸಲ್ಲಿಸಿದರು. ಸಂಘದ ರಾಜ್ಯ ಕಾರ್ಯದರ್ಶಿ ಮಾತನಾಡಿ, ಕನಿಷ್ಠ ಪಿಂಚಣಿ ಮೊತ್ತ ಹೆಚ್ಚಿಸಬೇಕು ಎಂದು ಒತ್ತಾಯಿಸಿದರು. ಪ್ರಮುಖರಾದ ಶಾಂತಿನಾಥ ಪಾಟೀಲ, ರಫೀಕ್ ಜಮಾದಾರ, ಬಿ.ಆರ್.ರಾಮಪುರ, ಎಸ್.ಎಂ.ಹೊನ್ನಳ್ಳಿ, ಎಂ.ಎಸ್.ನಾಗಠಾಣ, ಎಸ್.ಬಿ.ಹೊಸಮನಿ ಇದ್ದರು.
